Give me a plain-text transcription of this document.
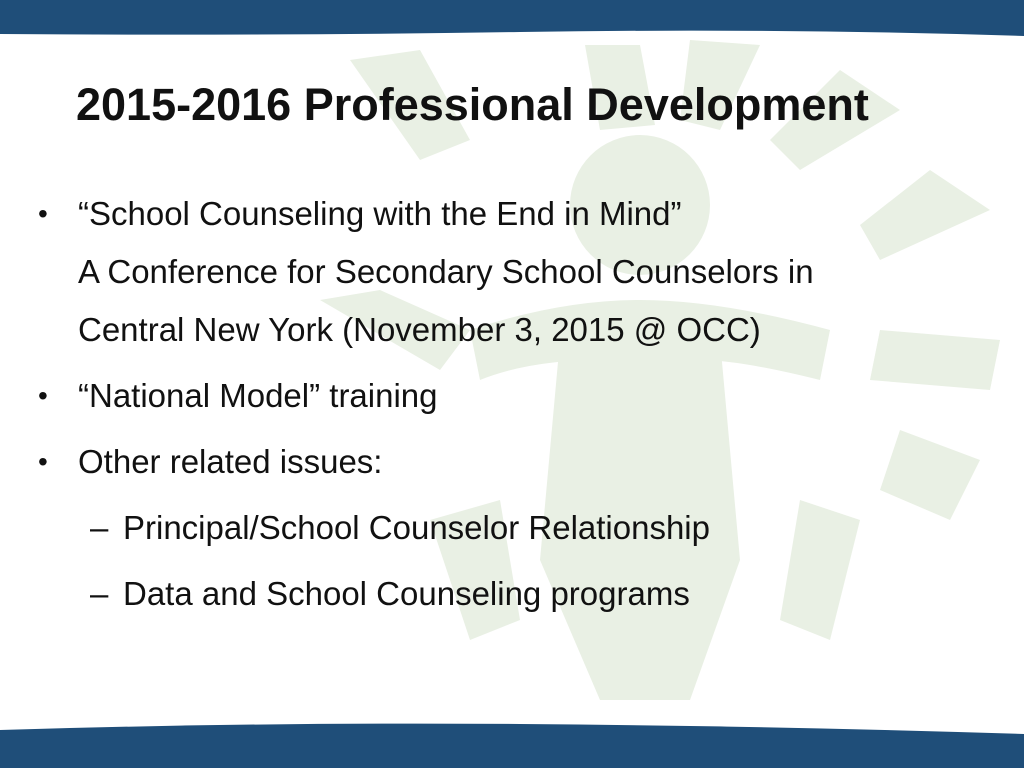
2015-2016 Professional Development
• “School Counseling with the End in Mind”
A Conference for Secondary School Counselors in
Central New York (November 3, 2015 @ OCC)
• “National Model” training
• Other related issues:
– Principal/School Counselor Relationship
– Data and School Counseling programs
